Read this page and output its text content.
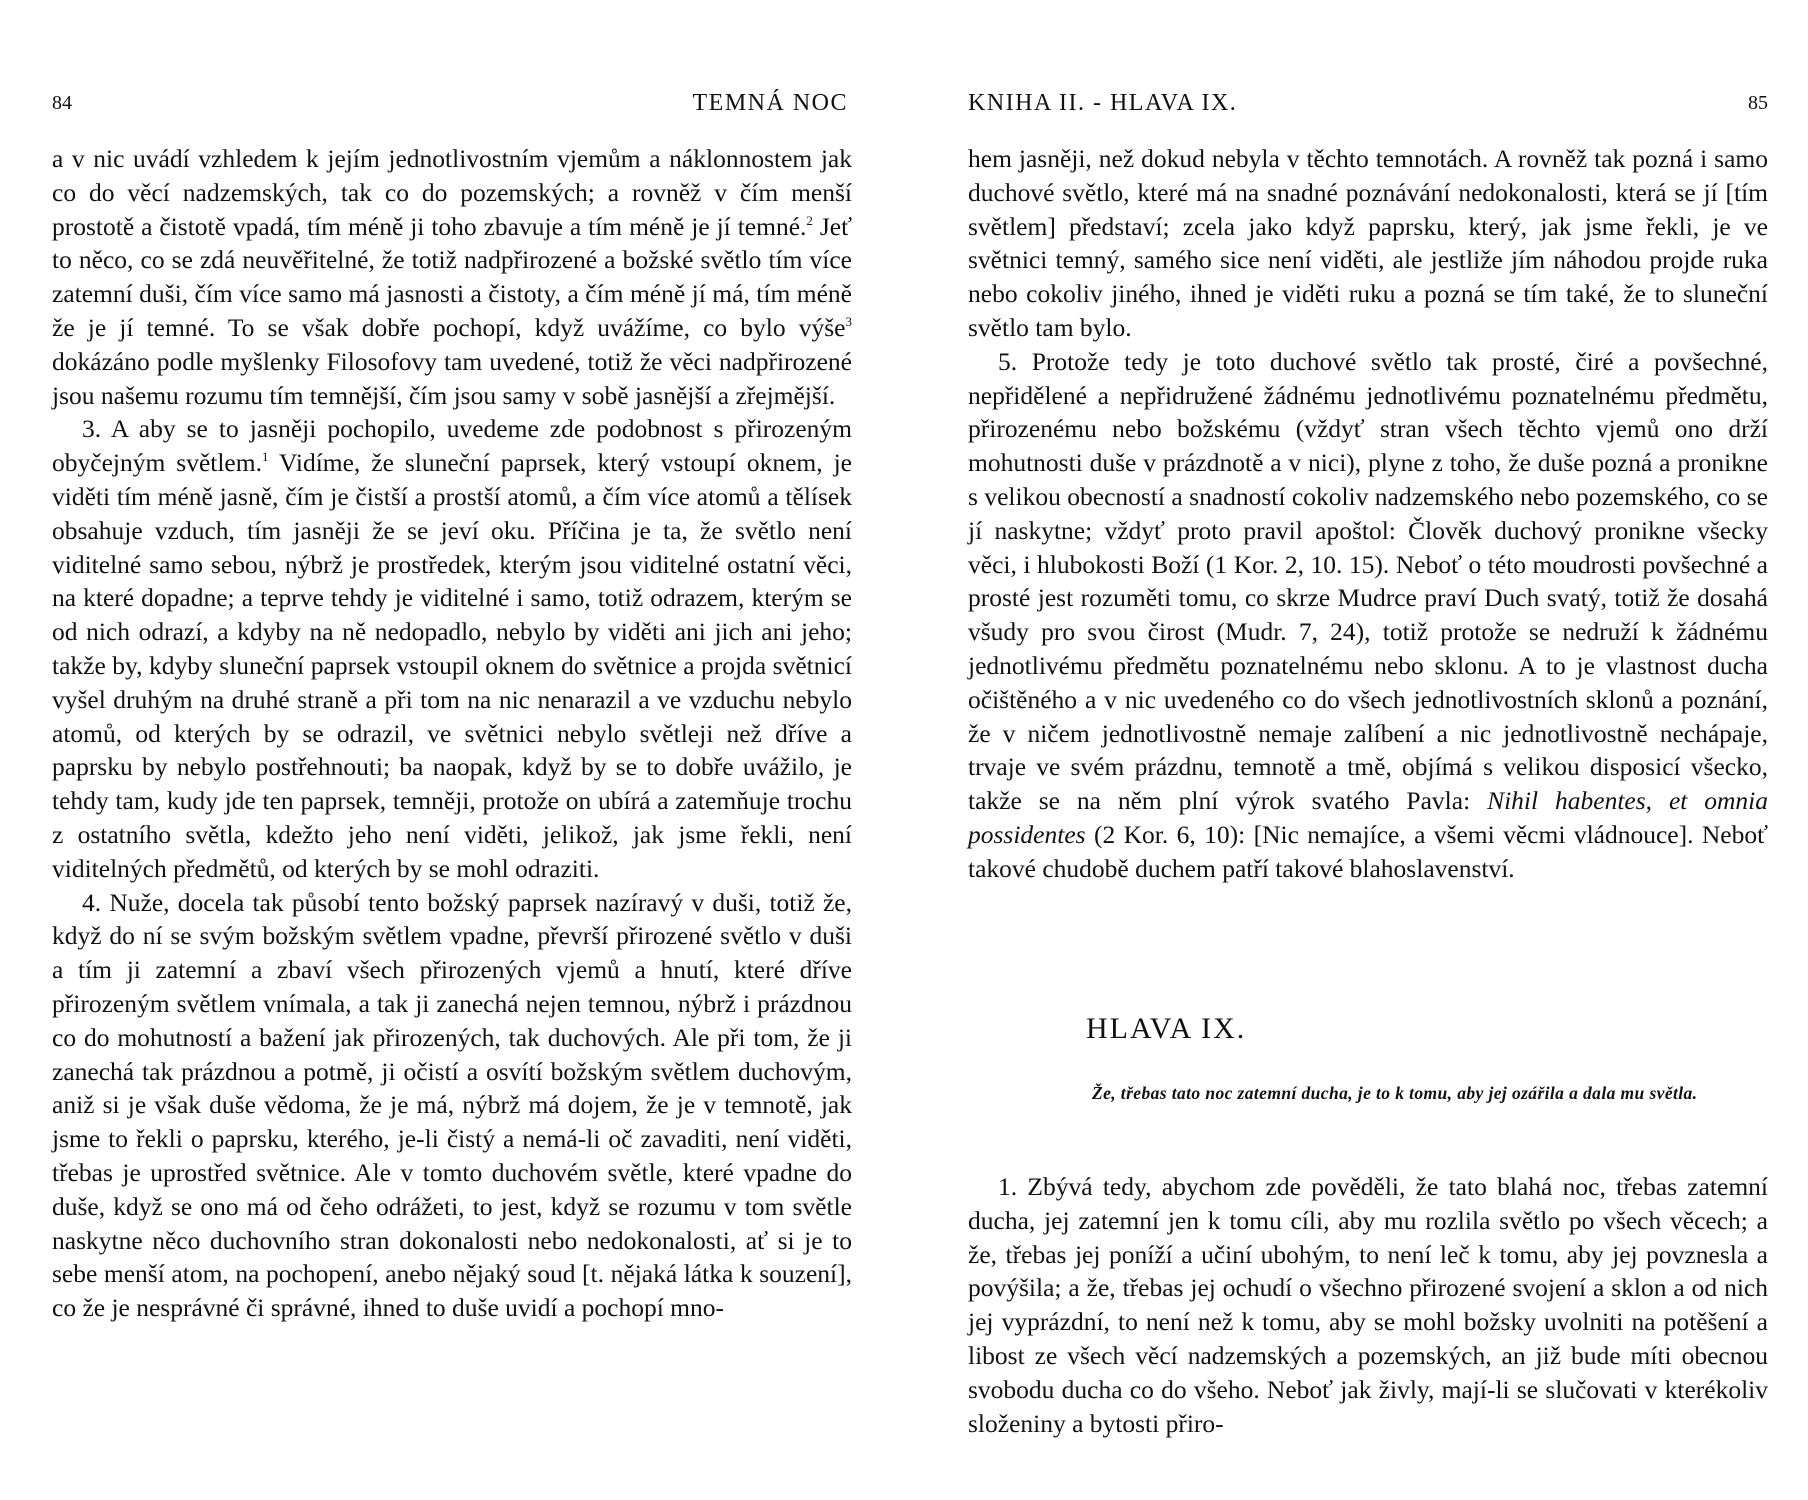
84	TEMNÁ NOC

a v nic uvádí vzhledem k jejím jednotlivostním vjemům a náklonnostem jak co do věcí nadzemských, tak co do pozemských; a rovněž v čím menší prostotě a čistotě vpadá, tím méně ji toho zbavuje a tím méně je jí temné.$^2$ Jeť to něco, co se zdá neuvěřitelné, že totiž nadpřirozené a božské světlo tím více zatemní duši, čím více samo má jasnosti a čistoty, a čím méně jí má, tím méně že je jí temné. To se však dobře pochopí, když uvážíme, co bylo výše$^3$ dokázáno podle myšlenky Filosofovy tam uvedené, totiž že věci nadpřirozené jsou našemu rozumu tím temnější, čím jsou samy v sobě jasnější a zřejmější.

3. A aby se to jasněji pochopilo, uvedeme zde podobnost s přirozeným obyčejným světlem.$^1$ Vidíme, že sluneční paprsek, který vstoupí oknem, je viděti tím méně jasně, čím je čistší a prostší atomů, a čím více atomů a tělísek obsahuje vzduch, tím jasněji že se jeví oku. Příčina je ta, že světlo není viditelné samo sebou, nýbrž je prostředek, kterým jsou viditelné ostatní věci, na které dopadne; a teprve tehdy je viditelné i samo, totiž odrazem, kterým se od nich odrazí, a kdyby na ně nedopadlo, nebylo by viděti ani jich ani jeho; takže by, kdyby sluneční paprsek vstoupil oknem do světnice a projda světnicí vyšel druhým na druhé straně a při tom na nic nenarazil a ve vzduchu nebylo atomů, od kterých by se odrazil, ve světnici nebylo světleji než dříve a paprsku by nebylo postřehnouti; ba naopak, když by se to dobře uvážilo, je tehdy tam, kudy jde ten paprsek, temněji, protože on ubírá a zatemňuje trochu z ostatního světla, kdežto jeho není viděti, jelikož, jak jsme řekli, není viditelných předmětů, od kterých by se mohl odraziti.

4. Nuže, docela tak působí tento božský paprsek nazíravý v duši, totiž že, když do ní se svým božským světlem vpadne, převrší přirozené světlo v duši a tím ji zatemní a zbaví všech přirozených vjemů a hnutí, které dříve přirozeným světlem vnímala, a tak ji zanechá nejen temnou, nýbrž i prázdnou co do mohutností a bažení jak přirozených, tak duchových. Ale při tom, že ji zanechá tak prázdnou a potmě, ji očistí a osvítí božským světlem duchovým, aniž si je však duše vědoma, že je má, nýbrž má dojem, že je v temnotě, jak jsme to řekli o paprsku, kterého, je-li čistý a nemá-li oč zavaditi, není viděti, třebas je uprostřed světnice. Ale v tomto duchovém světle, které vpadne do duše, když se ono má od čeho odrážeti, to jest, když se rozumu v tom světle naskytne něco duchovního stran dokonalosti nebo nedokonalosti, ať si je to sebe menší atom, na pochopení, anebo nějaký soud [t. nějaká látka k souzení], co že je nesprávné či správné, ihned to duše uvidí a pochopí mno-

KNIHA II. - HLAVA IX.	85

hem jasněji, než dokud nebyla v těchto temnotách. A rovněž tak pozná i samo duchové světlo, které má na snadné poznávání nedokonalosti, která se jí [tím světlem] představí; zcela jako když paprsku, který, jak jsme řekli, je ve světnici temný, samého sice není viděti, ale jestliže jím náhodou projde ruka nebo cokoliv jiného, ihned je viděti ruku a pozná se tím také, že to sluneční světlo tam bylo.

5. Protože tedy je toto duchové světlo tak prosté, čiré a povšechné, nepřidělené a nepřidružené žádnému jednotlivému poznatelnému předmětu, přirozenému nebo božskému (vždyť stran všech těchto vjemů ono drží mohutnosti duše v prázdnotě a v nici), plyne z toho, že duše pozná a pronikne s velikou obecností a snadností cokoliv nadzemského nebo pozemského, co se jí naskytne; vždyť proto pravil apoštol: Člověk duchový pronikne všecky věci, i hlubokosti Boží (1 Kor. 2, 10. 15). Neboť o této moudrosti povšechné a prosté jest rozuměti tomu, co skrze Mudrce praví Duch svatý, totiž že dosahá všudy pro svou čirost (Mudr. 7, 24), totiž protože se nedruží k žádnému jednotlivému předmětu poznatelnému nebo sklonu. A to je vlastnost ducha očištěného a v nic uvedeného co do všech jednotlivostních sklonů a poznání, že v ničem jednotlivostně nemaje zalíbení a nic jednotlivostně nechápaje, trvaje ve svém prázdnu, temnotě a tmě, objímá s velikou disposicí všecko, takže se na něm plní výrok svatého Pavla: Nihil habentes, et omnia possidentes (2 Kor. 6, 10): [Nic nemajíce, a všemi věcmi vládnouce]. Neboť takové chudobě duchem patří takové blahoslavenství.

HLAVA IX.

Že, třebas tato noc zatemní ducha, je to k tomu, aby jej ozářila a dala mu světla.

1. Zbývá tedy, abychom zde pověděli, že tato blahá noc, třebas zatemní ducha, jej zatemní jen k tomu cíli, aby mu rozlila světlo po všech věcech; a že, třebas jej poníží a učiní ubohým, to není leč k tomu, aby jej povznesla a povýšila; a že, třebas jej ochudí o všechno přirozené svojení a sklon a od nich jej vyprázdní, to není než k tomu, aby se mohl božsky uvolniti na potěšení a libost ze všech věcí nadzemských a pozemských, an již bude míti obecnou svobodu ducha co do všeho. Neboť jak živly, mají-li se slučovati v kterékoliv složeniny a bytosti přiro-
